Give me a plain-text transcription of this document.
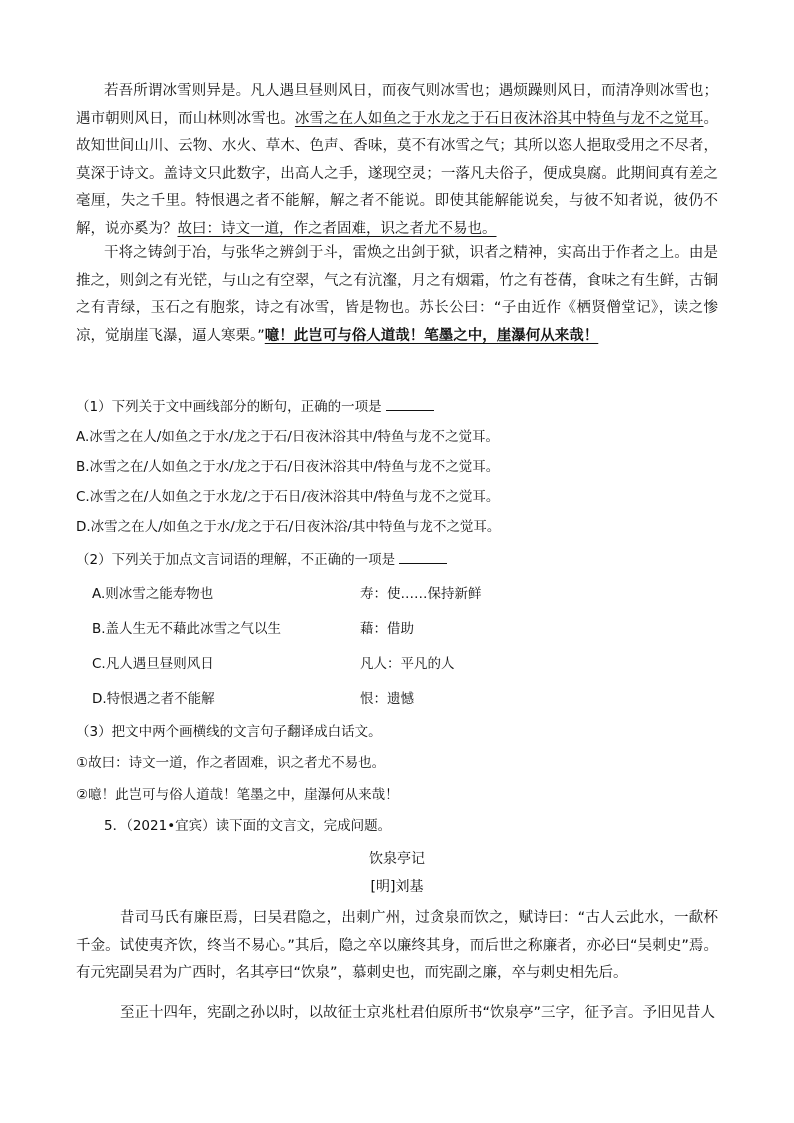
若吾所谓冰雪则异是。凡人遇旦昼则风日，而夜气则冰雪也；遇烦躁则风日，而清净则冰雪也；遇市朝则风日，而山林则冰雪也。冰雪之在人如鱼之于水龙之于石日夜沐浴其中特鱼与龙不之觉耳。故知世间山川、云物、水火、草木、色声、香味，莫不有冰雪之气；其所以恣人挹取受用之不尽者，莫深于诗文。盖诗文只此数字，出高人之手，遂现空灵；一落凡夫俗子，便成臭腐。此期间真有差之毫厘，失之千里。特恨遇之者不能解，解之者不能说。即使其能解能说矣，与彼不知者说，彼仍不解，说亦奚为？故曰：诗文一道，作之者固难，识之者尤不易也。

干将之铸剑于冶，与张华之辨剑于斗，雷焕之出剑于狱，识者之精神，实高出于作者之上。由是推之，则剑之有光铓，与山之有空翠，气之有沆瀣，月之有烟霜，竹之有苍蒨，食味之有生鲜，古铜之有青绿，玉石之有胞浆，诗之有冰雪，皆是物也。苏长公曰：“子由近作《栖贤僧堂记》，读之惨凉，觉崩崖飞瀑，逼人寒栗。”噫！此岂可与俗人道哉！笔墨之中，崖瀑何从来哉！

（1）下列关于文中画线部分的断句，正确的一项是

A.冰雪之在人/如鱼之于水/龙之于石/日夜沐浴其中/特鱼与龙不之觉耳。

B.冰雪之在/人如鱼之于水/龙之于石/日夜沐浴其中/特鱼与龙不之觉耳。

C.冰雪之在/人如鱼之于水龙/之于石日/夜沐浴其中/特鱼与龙不之觉耳。

D.冰雪之在人/如鱼之于水/龙之于石/日夜沐浴/其中特鱼与龙不之觉耳。

（2）下列关于加点文言词语的理解，不正确的一项是

A.则冰雪之能寿物也	寿：使……保持新鲜

B.盖人生无不藉此冰雪之气以生	藉：借助

C.凡人遇旦昼则风日	凡人：平凡的人

D.特恨遇之者不能解	恨：遗憾

（3）把文中两个画横线的文言句子翻译成白话文。

①故曰：诗文一道，作之者固难，识之者尤不易也。

②噫！此岂可与俗人道哉！笔墨之中，崖瀑何从来哉！

5．（2021•宜宾）读下面的文言文，完成问题。

饮泉亭记

[明]刘基

昔司马氏有廉臣焉，曰吴君隐之，出刺广州，过贪泉而饮之，赋诗曰：“古人云此水，一歃杯千金。试使夷齐饮，终当不易心。”其后，隐之卒以廉终其身，而后世之称廉者，亦必曰“吴刺史”焉。有元宪副吴君为广西时，名其亭曰“饮泉”，慕刺史也，而宪副之廉，卒与刺史相先后。

至正十四年，宪副之孙以时，以故征士京兆杜君伯原所书“饮泉亭”三字，征予言。予旧见昔人
